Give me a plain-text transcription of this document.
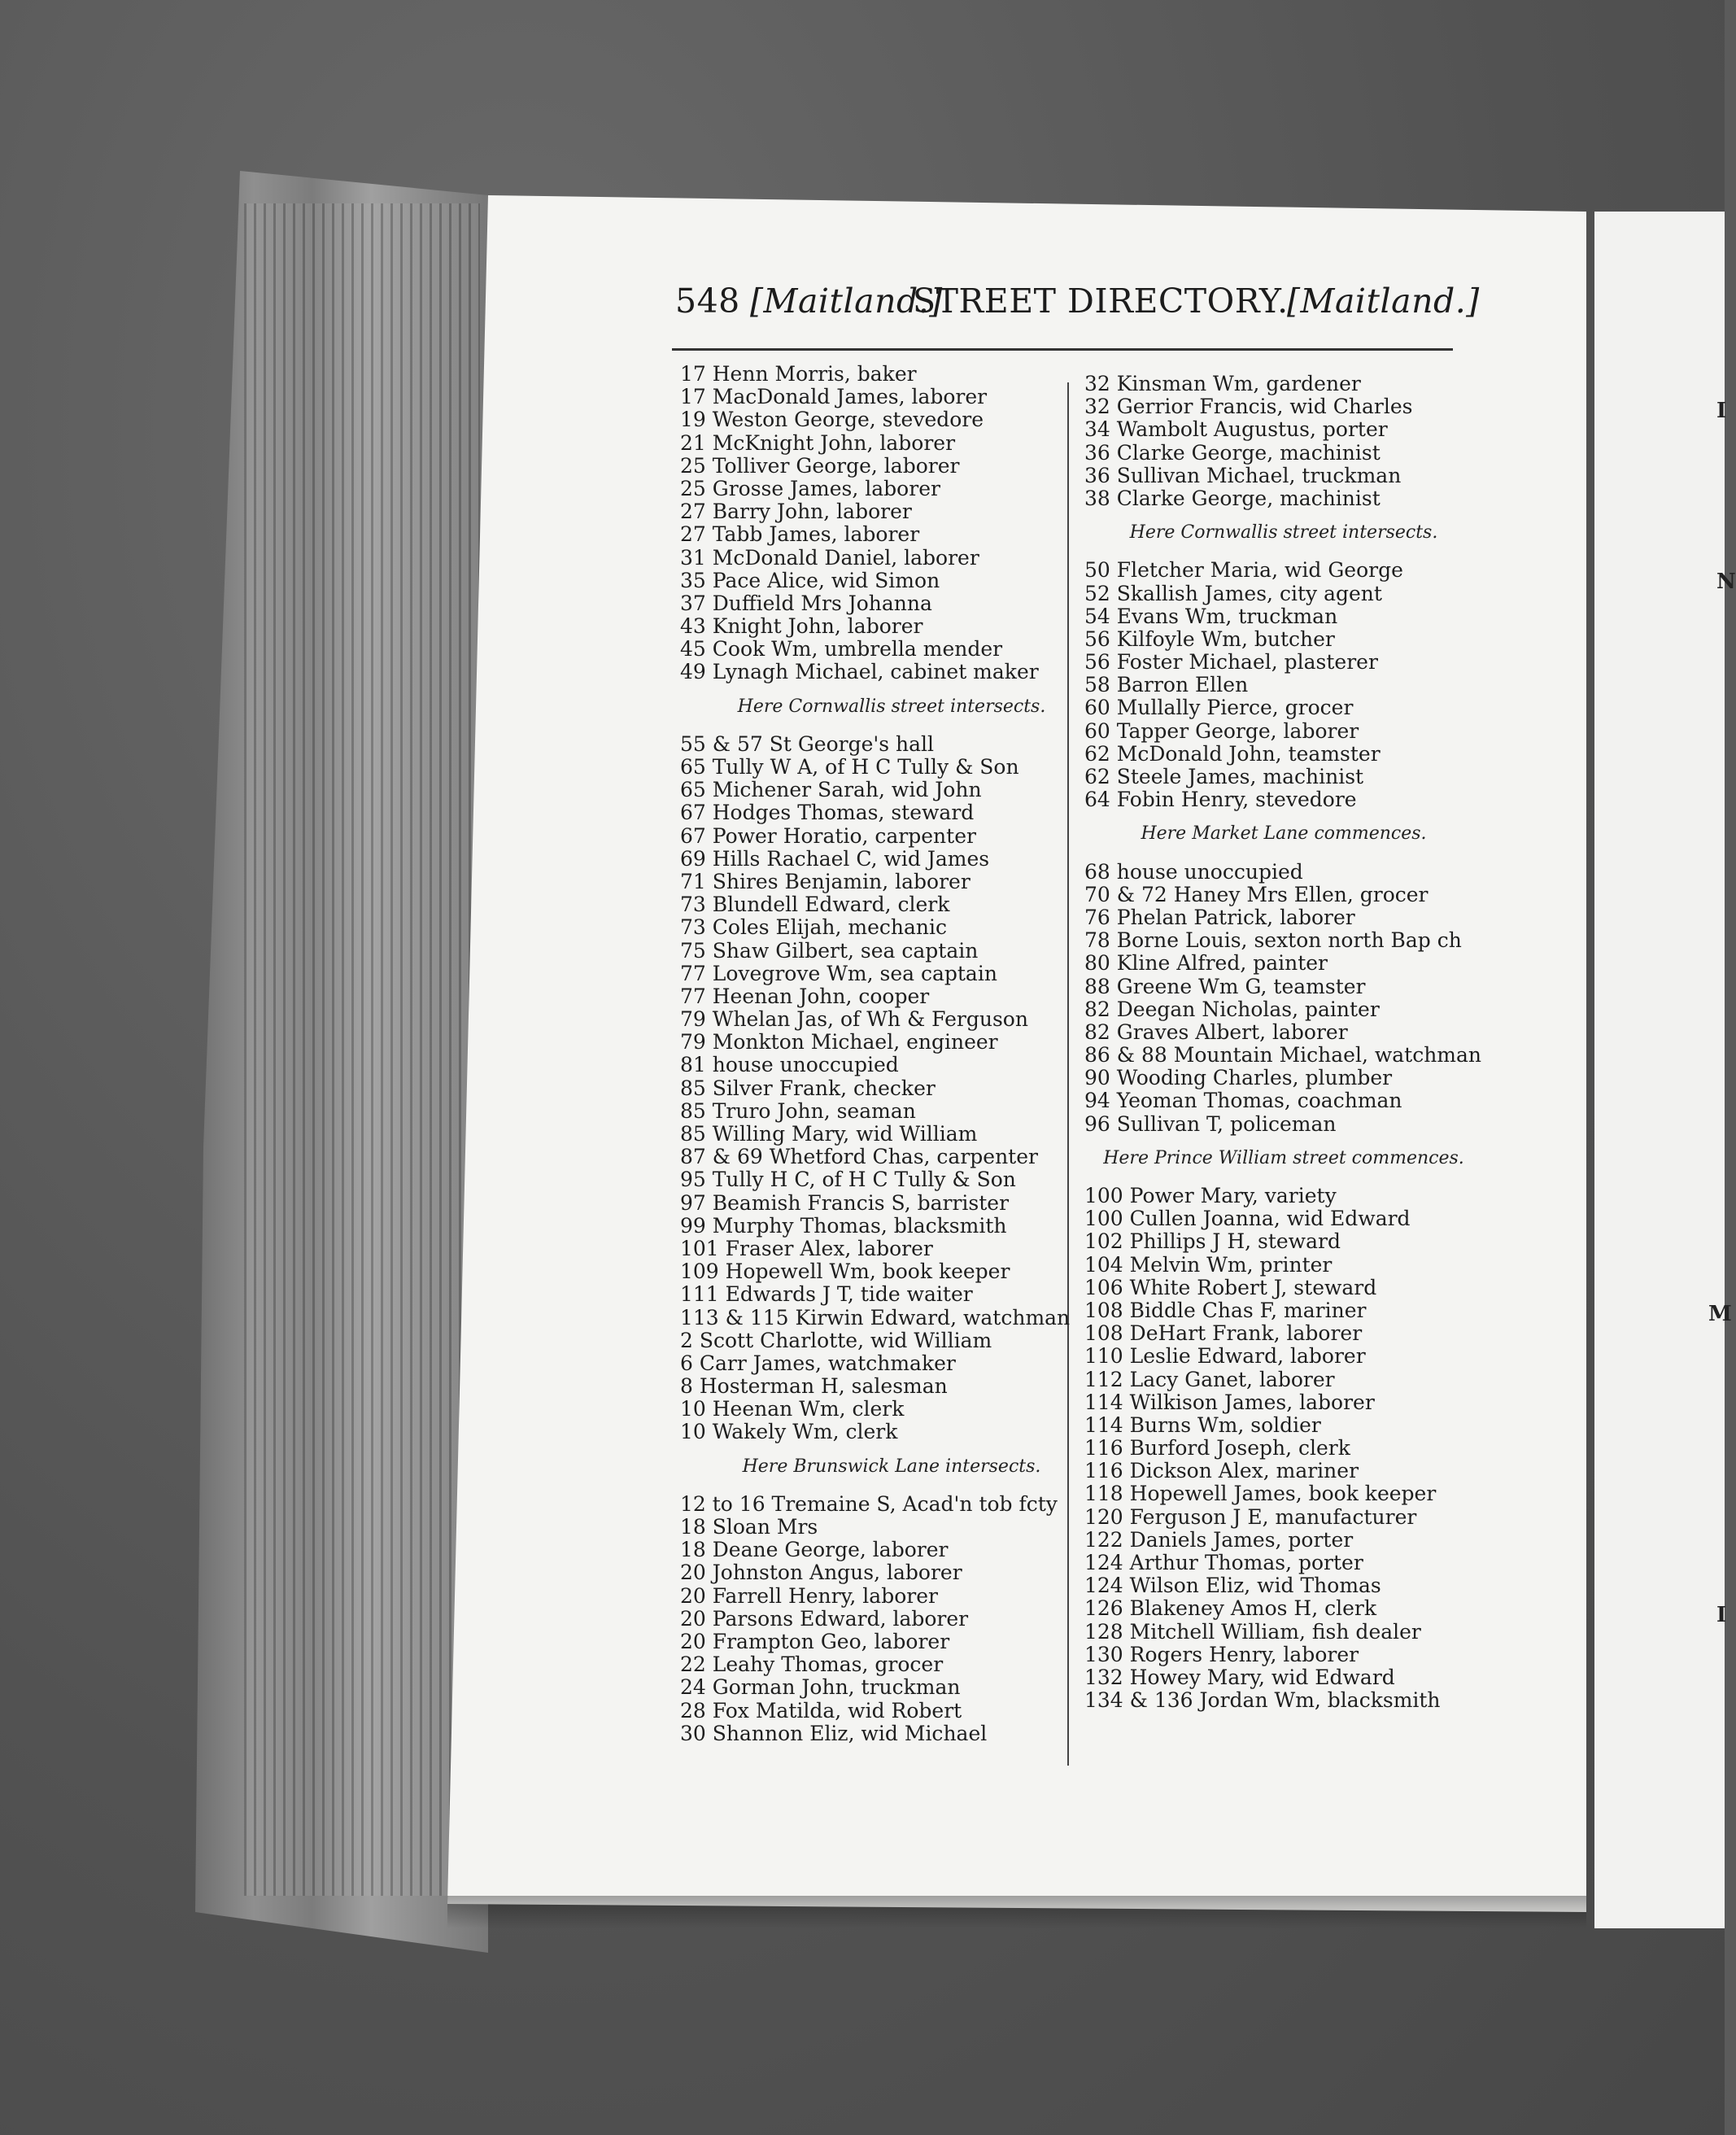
I
N
M
I
548 [Maitland.]
STREET DIRECTORY.
[Maitland.]
17 Henn Morris, baker
17 MacDonald James, laborer
19 Weston George, stevedore
21 McKnight John, laborer
25 Tolliver George, laborer
25 Grosse James, laborer
27 Barry John, laborer
27 Tabb James, laborer
31 McDonald Daniel, laborer
35 Pace Alice, wid Simon
37 Duffield Mrs Johanna
43 Knight John, laborer
45 Cook Wm, umbrella mender
49 Lynagh Michael, cabinet maker
Here Cornwallis street intersects.
55 & 57 St George's hall
65 Tully W A, of H C Tully & Son
65 Michener Sarah, wid John
67 Hodges Thomas, steward
67 Power Horatio, carpenter
69 Hills Rachael C, wid James
71 Shires Benjamin, laborer
73 Blundell Edward, clerk
73 Coles Elijah, mechanic
75 Shaw Gilbert, sea captain
77 Lovegrove Wm, sea captain
77 Heenan John, cooper
79 Whelan Jas, of Wh & Ferguson
79 Monkton Michael, engineer
81 house unoccupied
85 Silver Frank, checker
85 Truro John, seaman
85 Willing Mary, wid William
87 & 69 Whetford Chas, carpenter
95 Tully H C, of H C Tully & Son
97 Beamish Francis S, barrister
99 Murphy Thomas, blacksmith
101 Fraser Alex, laborer
109 Hopewell Wm, book keeper
111 Edwards J T, tide waiter
113 & 115 Kirwin Edward, watchman
2 Scott Charlotte, wid William
6 Carr James, watchmaker
8 Hosterman H, salesman
10 Heenan Wm, clerk
10 Wakely Wm, clerk
Here Brunswick Lane intersects.
12 to 16 Tremaine S, Acad'n tob fcty
18 Sloan Mrs
18 Deane George, laborer
20 Johnston Angus, laborer
20 Farrell Henry, laborer
20 Parsons Edward, laborer
20 Frampton Geo, laborer
22 Leahy Thomas, grocer
24 Gorman John, truckman
28 Fox Matilda, wid Robert
30 Shannon Eliz, wid Michael
32 Kinsman Wm, gardener
32 Gerrior Francis, wid Charles
34 Wambolt Augustus, porter
36 Clarke George, machinist
36 Sullivan Michael, truckman
38 Clarke George, machinist
Here Cornwallis street intersects.
50 Fletcher Maria, wid George
52 Skallish James, city agent
54 Evans Wm, truckman
56 Kilfoyle Wm, butcher
56 Foster Michael, plasterer
58 Barron Ellen
60 Mullally Pierce, grocer
60 Tapper George, laborer
62 McDonald John, teamster
62 Steele James, machinist
64 Fobin Henry, stevedore
Here Market Lane commences.
68 house unoccupied
70 & 72 Haney Mrs Ellen, grocer
76 Phelan Patrick, laborer
78 Borne Louis, sexton north Bap ch
80 Kline Alfred, painter
88 Greene Wm G, teamster
82 Deegan Nicholas, painter
82 Graves Albert, laborer
86 & 88 Mountain Michael, watchman
90 Wooding Charles, plumber
94 Yeoman Thomas, coachman
96 Sullivan T, policeman
Here Prince William street commences.
100 Power Mary, variety
100 Cullen Joanna, wid Edward
102 Phillips J H, steward
104 Melvin Wm, printer
106 White Robert J, steward
108 Biddle Chas F, mariner
108 DeHart Frank, laborer
110 Leslie Edward, laborer
112 Lacy Ganet, laborer
114 Wilkison James, laborer
114 Burns Wm, soldier
116 Burford Joseph, clerk
116 Dickson Alex, mariner
118 Hopewell James, book keeper
120 Ferguson J E, manufacturer
122 Daniels James, porter
124 Arthur Thomas, porter
124 Wilson Eliz, wid Thomas
126 Blakeney Amos H, clerk
128 Mitchell William, fish dealer
130 Rogers Henry, laborer
132 Howey Mary, wid Edward
134 & 136 Jordan Wm, blacksmith
